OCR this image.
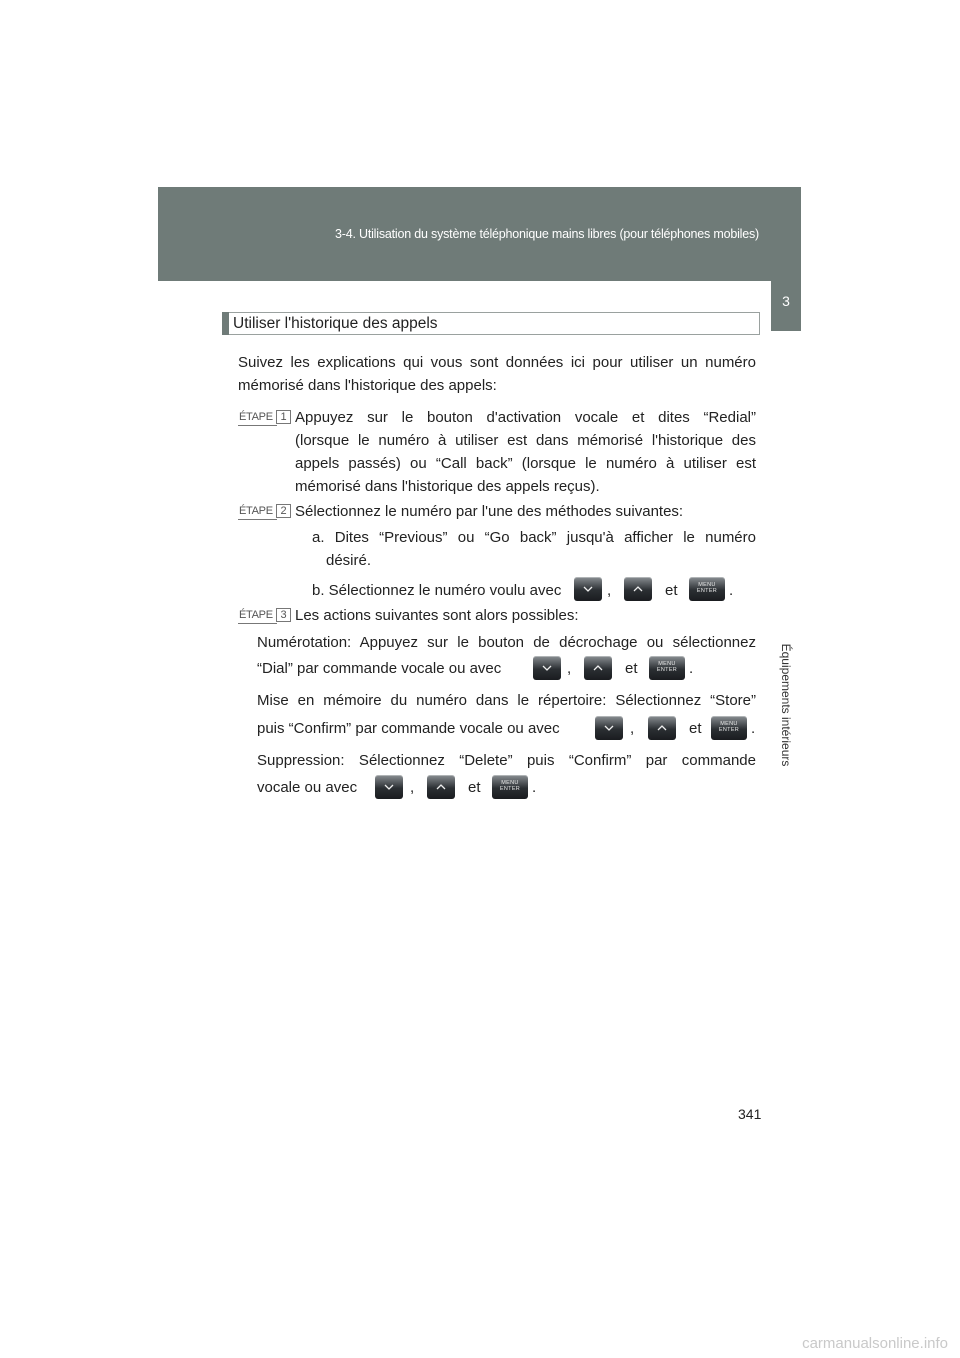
3-4. Utilisation du système téléphonique mains libres (pour téléphones mobiles)
3
Équipements intérieurs
Utiliser l'historique des appels
Suivez les explications qui vous sont données ici pour utiliser un numéro
mémorisé dans l'historique des appels:
ÉTAPE 1 Appuyez sur le bouton d'activation vocale et dites “Redial”
(lorsque le numéro à utiliser est dans mémorisé l'historique des
appels passés) ou “Call back” (lorsque le numéro à utiliser est
mémorisé dans l'historique des appels reçus).
ÉTAPE 2 Sélectionnez le numéro par l'une des méthodes suivantes:
a. Dites “Previous” ou “Go back” jusqu'à afficher le numéro
désiré.
b. Sélectionnez le numéro voulu avec	,	et	MENU
ENTER .
ÉTAPE 3 Les actions suivantes sont alors possibles:
Numérotation: Appuyez sur le bouton de décrochage ou sélectionnez
“Dial” par commande vocale ou avec	,	et	MENU
ENTER .
Mise en mémoire du numéro dans le répertoire: Sélectionnez “Store”
puis “Confirm” par commande vocale ou avec	,	et	MENU
ENTER .
Suppression: Sélectionnez “Delete” puis “Confirm” par commande
vocale ou avec	,	et	MENU
ENTER .
341
carmanualsonline.info
